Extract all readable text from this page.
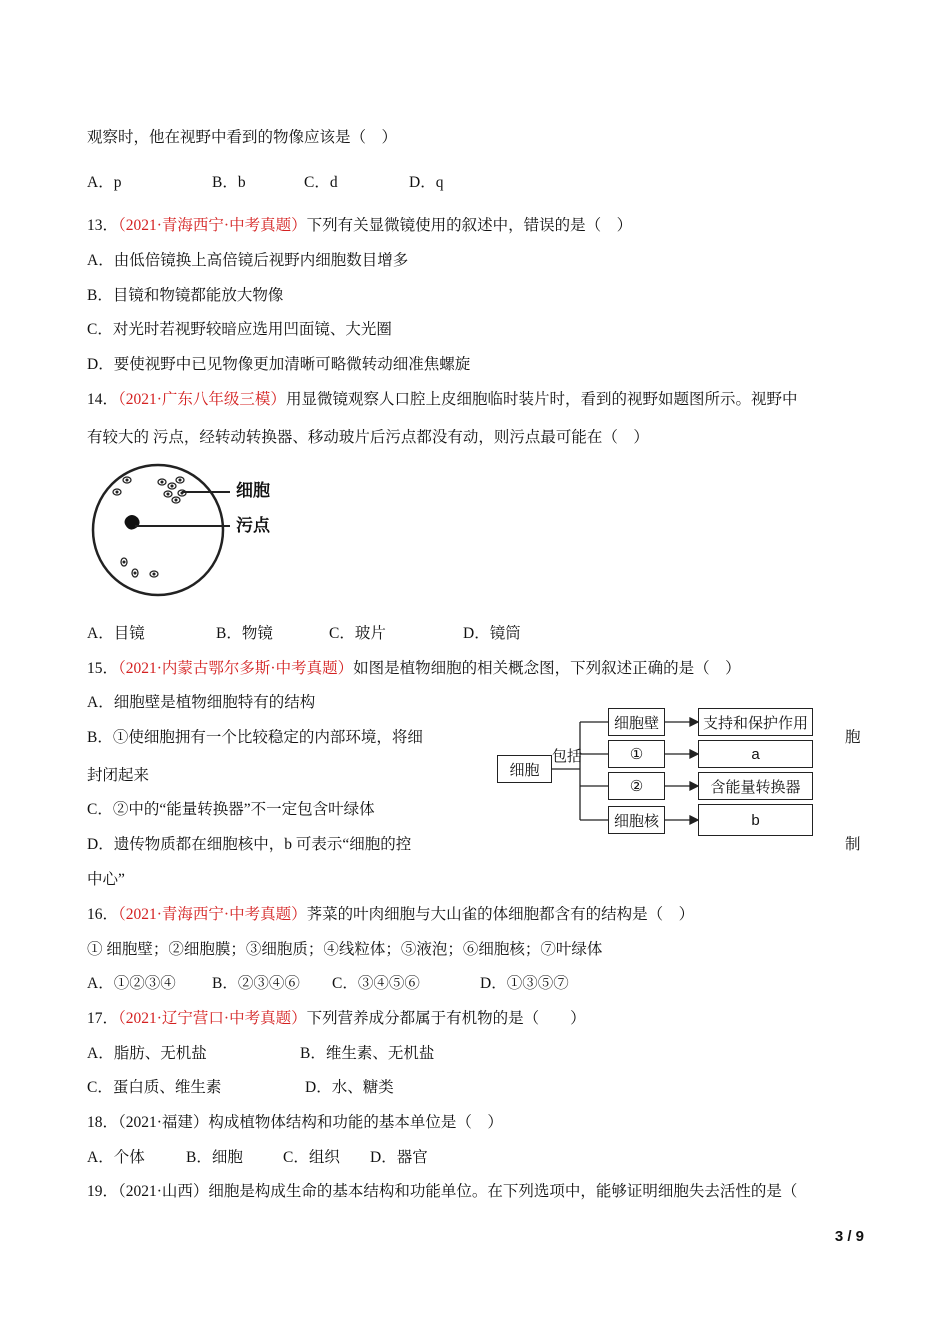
观察时，他在视野中看到的物像应该是（　）
A．p	B．b	C．d	D．q
13．（2021·青海西宁·中考真题）下列有关显微镜使用的叙述中，错误的是（　）
A．由低倍镜换上高倍镜后视野内细胞数目增多
B．目镜和物镜都能放大物像
C．对光时若视野较暗应选用凹面镜、大光圈
D．要使视野中已见物像更加清晰可略微转动细准焦螺旋
14．（2021·广东八年级三模）用显微镜观察人口腔上皮细胞临时装片时，看到的视野如题图所示。视野中
有较大的 污点，经转动转换器、移动玻片后污点都没有动，则污点最可能在（　）
细胞
污点
A．目镜	B．物镜	C．玻片	D．镜筒
15．（2021·内蒙古鄂尔多斯·中考真题）如图是植物细胞的相关概念图，下列叙述正确的是（　）
A．细胞壁是植物细胞特有的结构
B．①使细胞拥有一个比较稳定的内部环境，将细	胞
封闭起来
C．②中的“能量转换器”不一定包含叶绿体
D．遗传物质都在细胞核中，b 可表示“细胞的控	制
中心”
细胞
包括
细胞壁
①
②
细胞核
支持和保护作用
a
含能量转换器
b
16．（2021·青海西宁·中考真题）荠菜的叶肉细胞与大山雀的体细胞都含有的结构是（　）
① 细胞壁；②细胞膜；③细胞质；④线粒体；⑤液泡；⑥细胞核；⑦叶绿体
A．①②③④ B．②③④⑥ C．③④⑤⑥	D．①③⑤⑦
17．（2021·辽宁营口·中考真题）下列营养成分都属于有机物的是（　　）
A．脂肪、无机盐	B．维生素、无机盐
C．蛋白质、维生素	D．水、糖类
18．（2021·福建）构成植物体结构和功能的基本单位是（　）
A．个体	B．细胞	C．组织 D．器官
19．（2021·山西）细胞是构成生命的基本结构和功能单位。在下列选项中，能够证明细胞失去活性的是（
3 / 9
